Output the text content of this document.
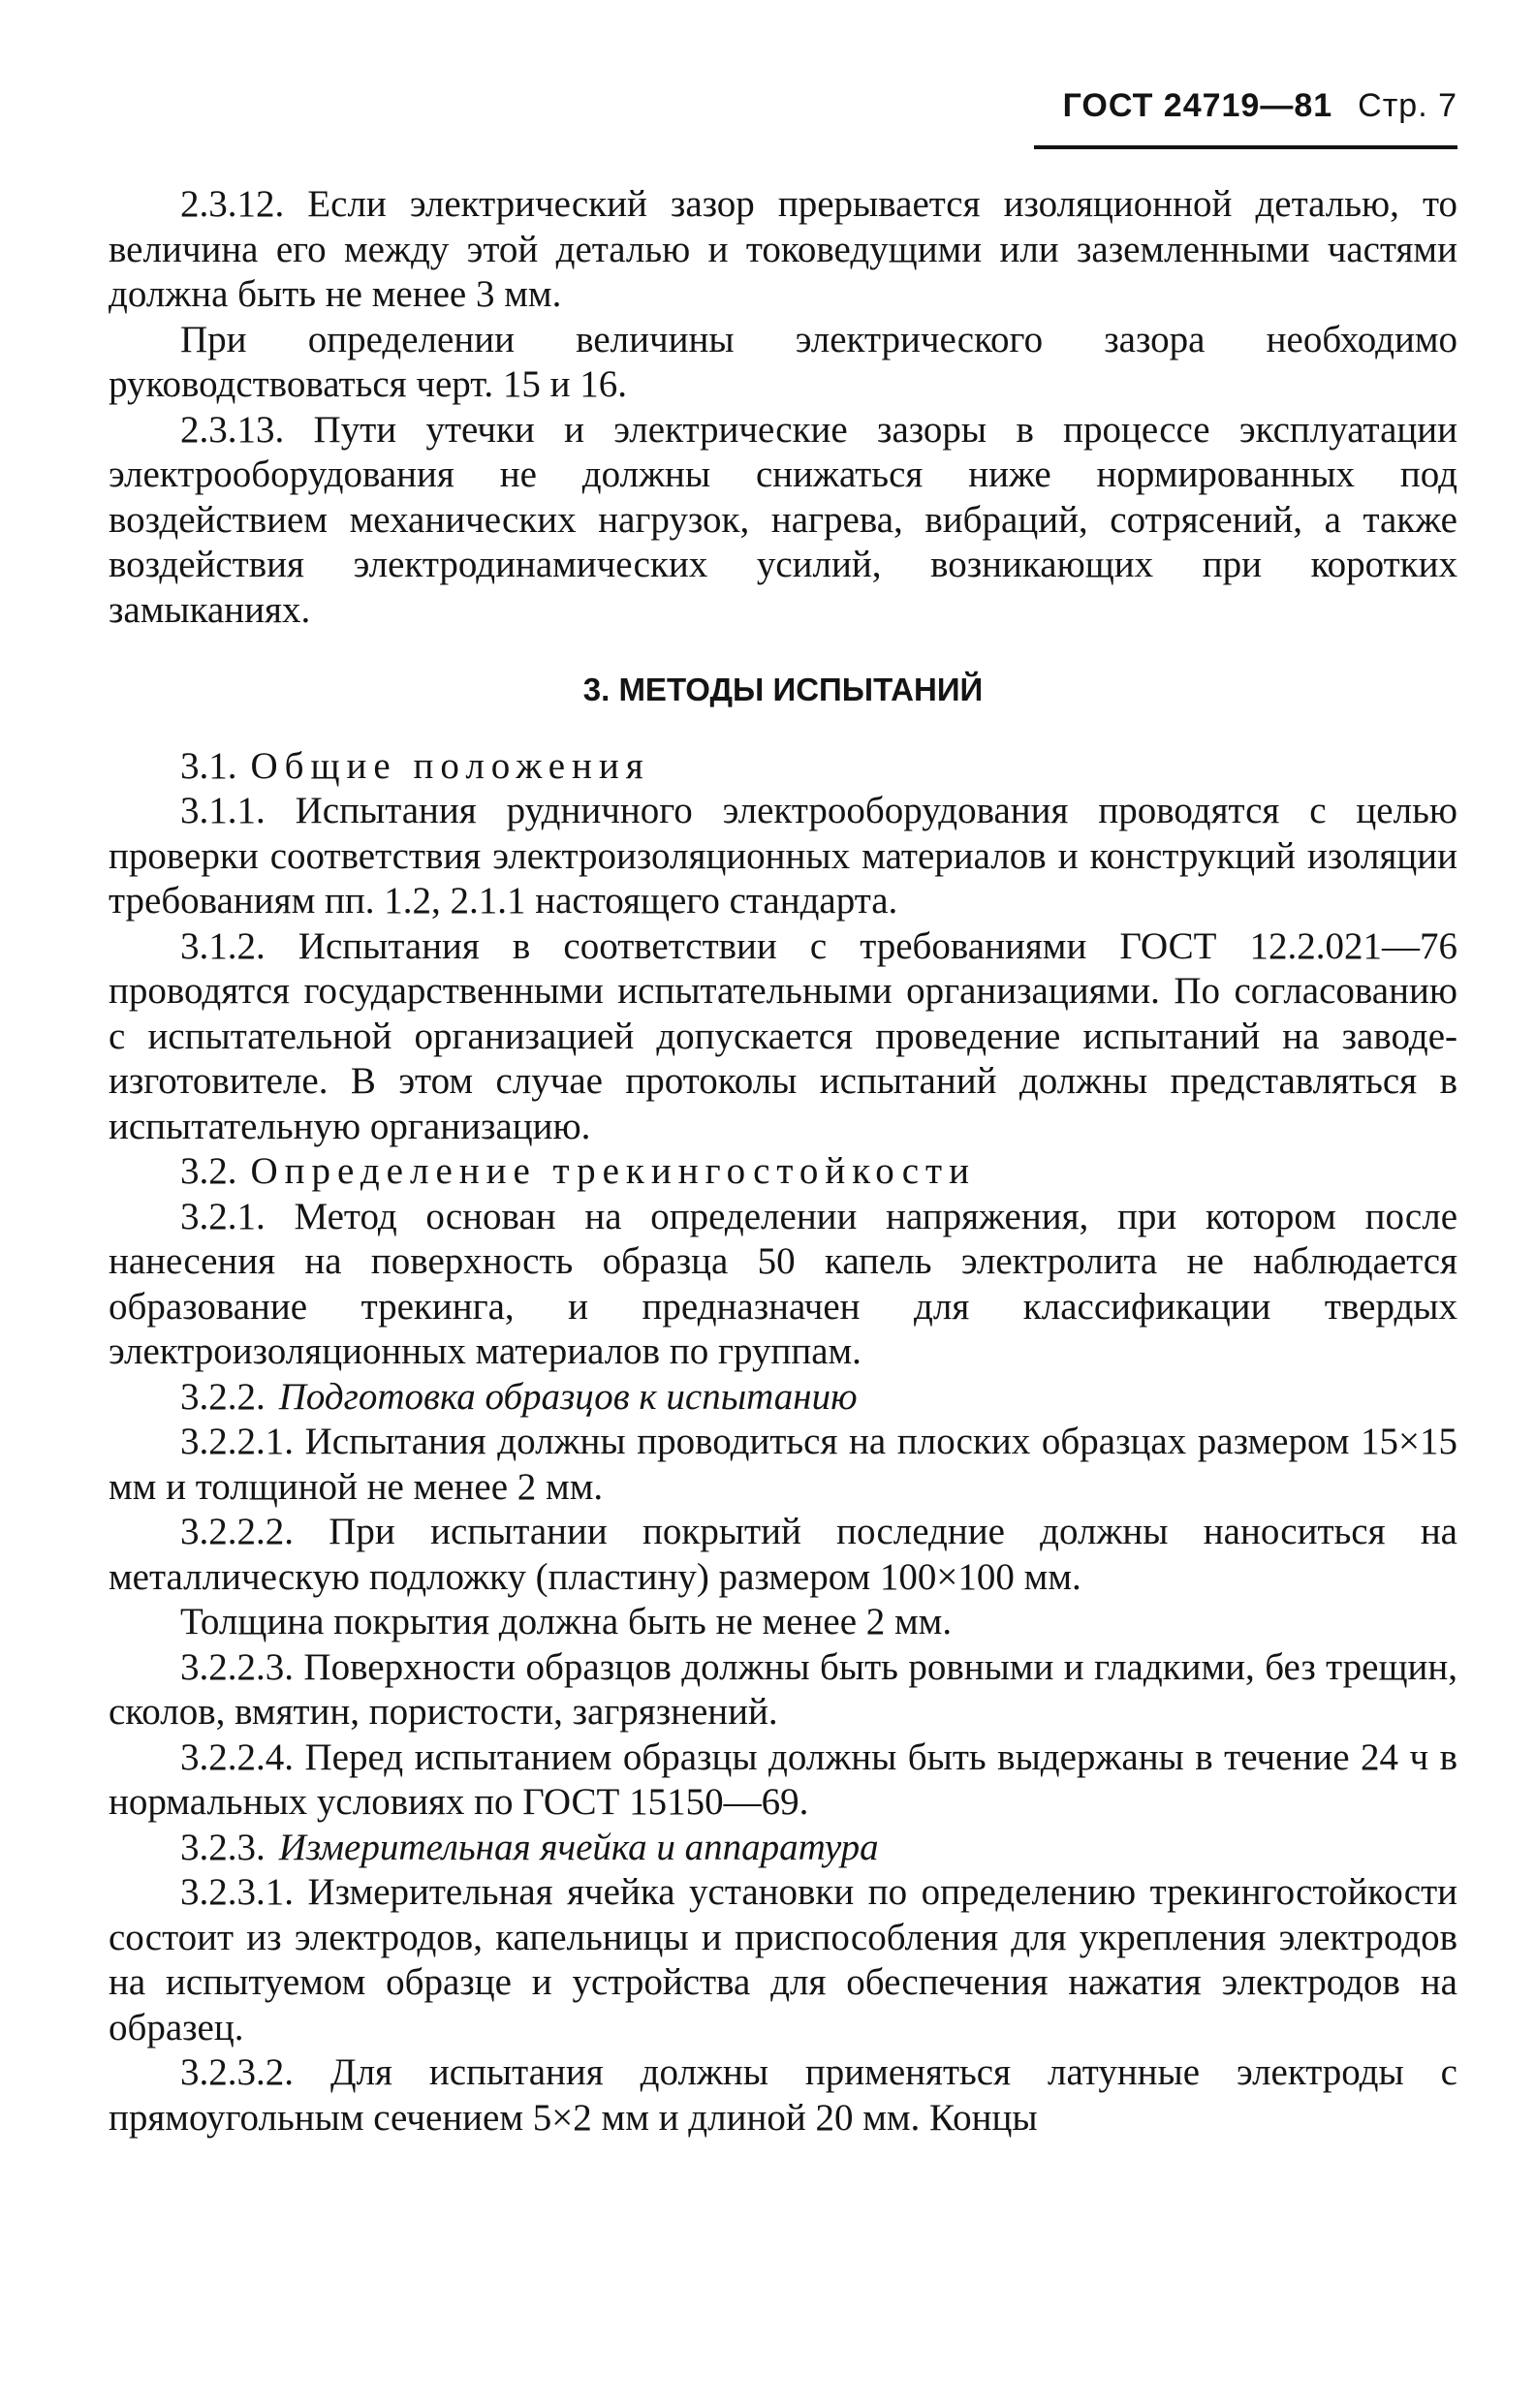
ГОСТ 24719—81 Стр. 7

2.3.12. Если электрический зазор прерывается изоляционной деталью, то величина его между этой деталью и токоведущими или заземленными частями должна быть не менее 3 мм.

При определении величины электрического зазора необходимо руководствоваться черт. 15 и 16.

2.3.13. Пути утечки и электрические зазоры в процессе эксплуатации электрооборудования не должны снижаться ниже нормированных под воздействием механических нагрузок, нагрева, вибраций, сотрясений, а также воздействия электродинамических усилий, возникающих при коротких замыканиях.

3. МЕТОДЫ ИСПЫТАНИЙ

3.1. Общие положения

3.1.1. Испытания рудничного электрооборудования проводятся с целью проверки соответствия электроизоляционных материалов и конструкций изоляции требованиям пп. 1.2, 2.1.1 настоящего стандарта.

3.1.2. Испытания в соответствии с требованиями ГОСТ 12.2.021—76 проводятся государственными испытательными организациями. По согласованию с испытательной организацией допускается проведение испытаний на заводе-изготовителе. В этом случае протоколы испытаний должны представляться в испытательную организацию.

3.2. Определение трекингостойкости

3.2.1. Метод основан на определении напряжения, при котором после нанесения на поверхность образца 50 капель электролита не наблюдается образование трекинга, и предназначен для классификации твердых электроизоляционных материалов по группам.

3.2.2. Подготовка образцов к испытанию

3.2.2.1. Испытания должны проводиться на плоских образцах размером 15×15 мм и толщиной не менее 2 мм.

3.2.2.2. При испытании покрытий последние должны наноситься на металлическую подложку (пластину) размером 100×100 мм.

Толщина покрытия должна быть не менее 2 мм.

3.2.2.3. Поверхности образцов должны быть ровными и гладкими, без трещин, сколов, вмятин, пористости, загрязнений.

3.2.2.4. Перед испытанием образцы должны быть выдержаны в течение 24 ч в нормальных условиях по ГОСТ 15150—69.

3.2.3. Измерительная ячейка и аппаратура

3.2.3.1. Измерительная ячейка установки по определению трекингостойкости состоит из электродов, капельницы и приспособления для укрепления электродов на испытуемом образце и устройства для обеспечения нажатия электродов на образец.

3.2.3.2. Для испытания должны применяться латунные электроды с прямоугольным сечением 5×2 мм и длиной 20 мм. Концы
